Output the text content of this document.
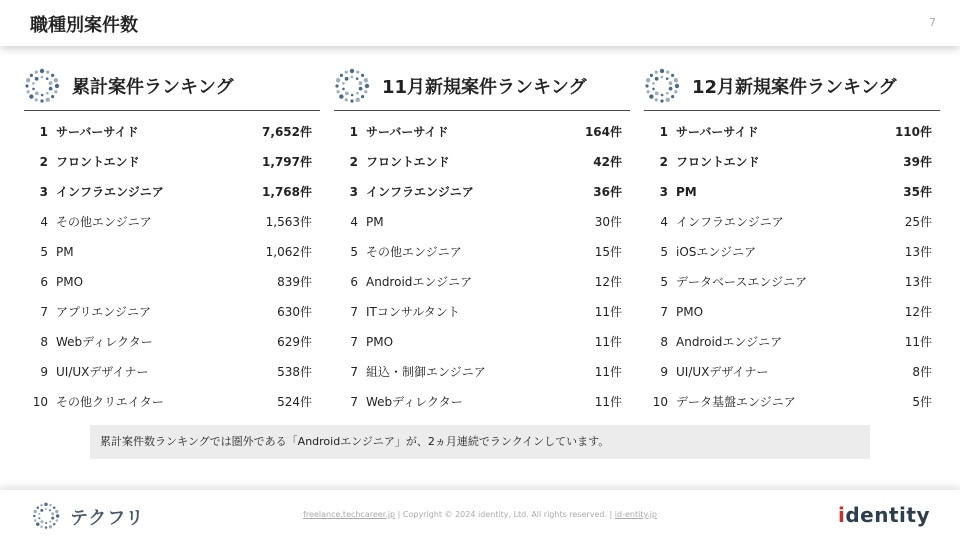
職種別案件数	7
累計案件ランキング
1 サーバーサイド	7,652件
2 フロントエンド	1,797件
3 インフラエンジニア	1,768件
4 その他エンジニア	1,563件
5 PM	1,062件
6 PMO	839件
7 アプリエンジニア	630件
8 Webディレクター	629件
9 UI/UXデザイナー	538件
10 その他クリエイター	524件
11月新規案件ランキング
1 サーバーサイド	164件
2 フロントエンド	42件
3 インフラエンジニア	36件
4 PM	30件
5 その他エンジニア	15件
6 Androidエンジニア	12件
7 ITコンサルタント	11件
7 PMO	11件
7 組込・制御エンジニア	11件
7 Webディレクター	11件
12月新規案件ランキング
1 サーバーサイド	110件
2 フロントエンド	39件
3 PM	35件
4 インフラエンジニア	25件
5 iOSエンジニア	13件
5 データベースエンジニア	13件
7 PMO	12件
8 Androidエンジニア	11件
9 UI/UXデザイナー	8件
10 データ基盤エンジニア	5件
累計案件数ランキングでは圏外である「Androidエンジニア」が、2ヵ月連続でランクインしています。
テクフリ	freelance.techcareer.jp | Copyright © 2024 identity, Ltd. All rights reserved. | id-entity.jp	identity
